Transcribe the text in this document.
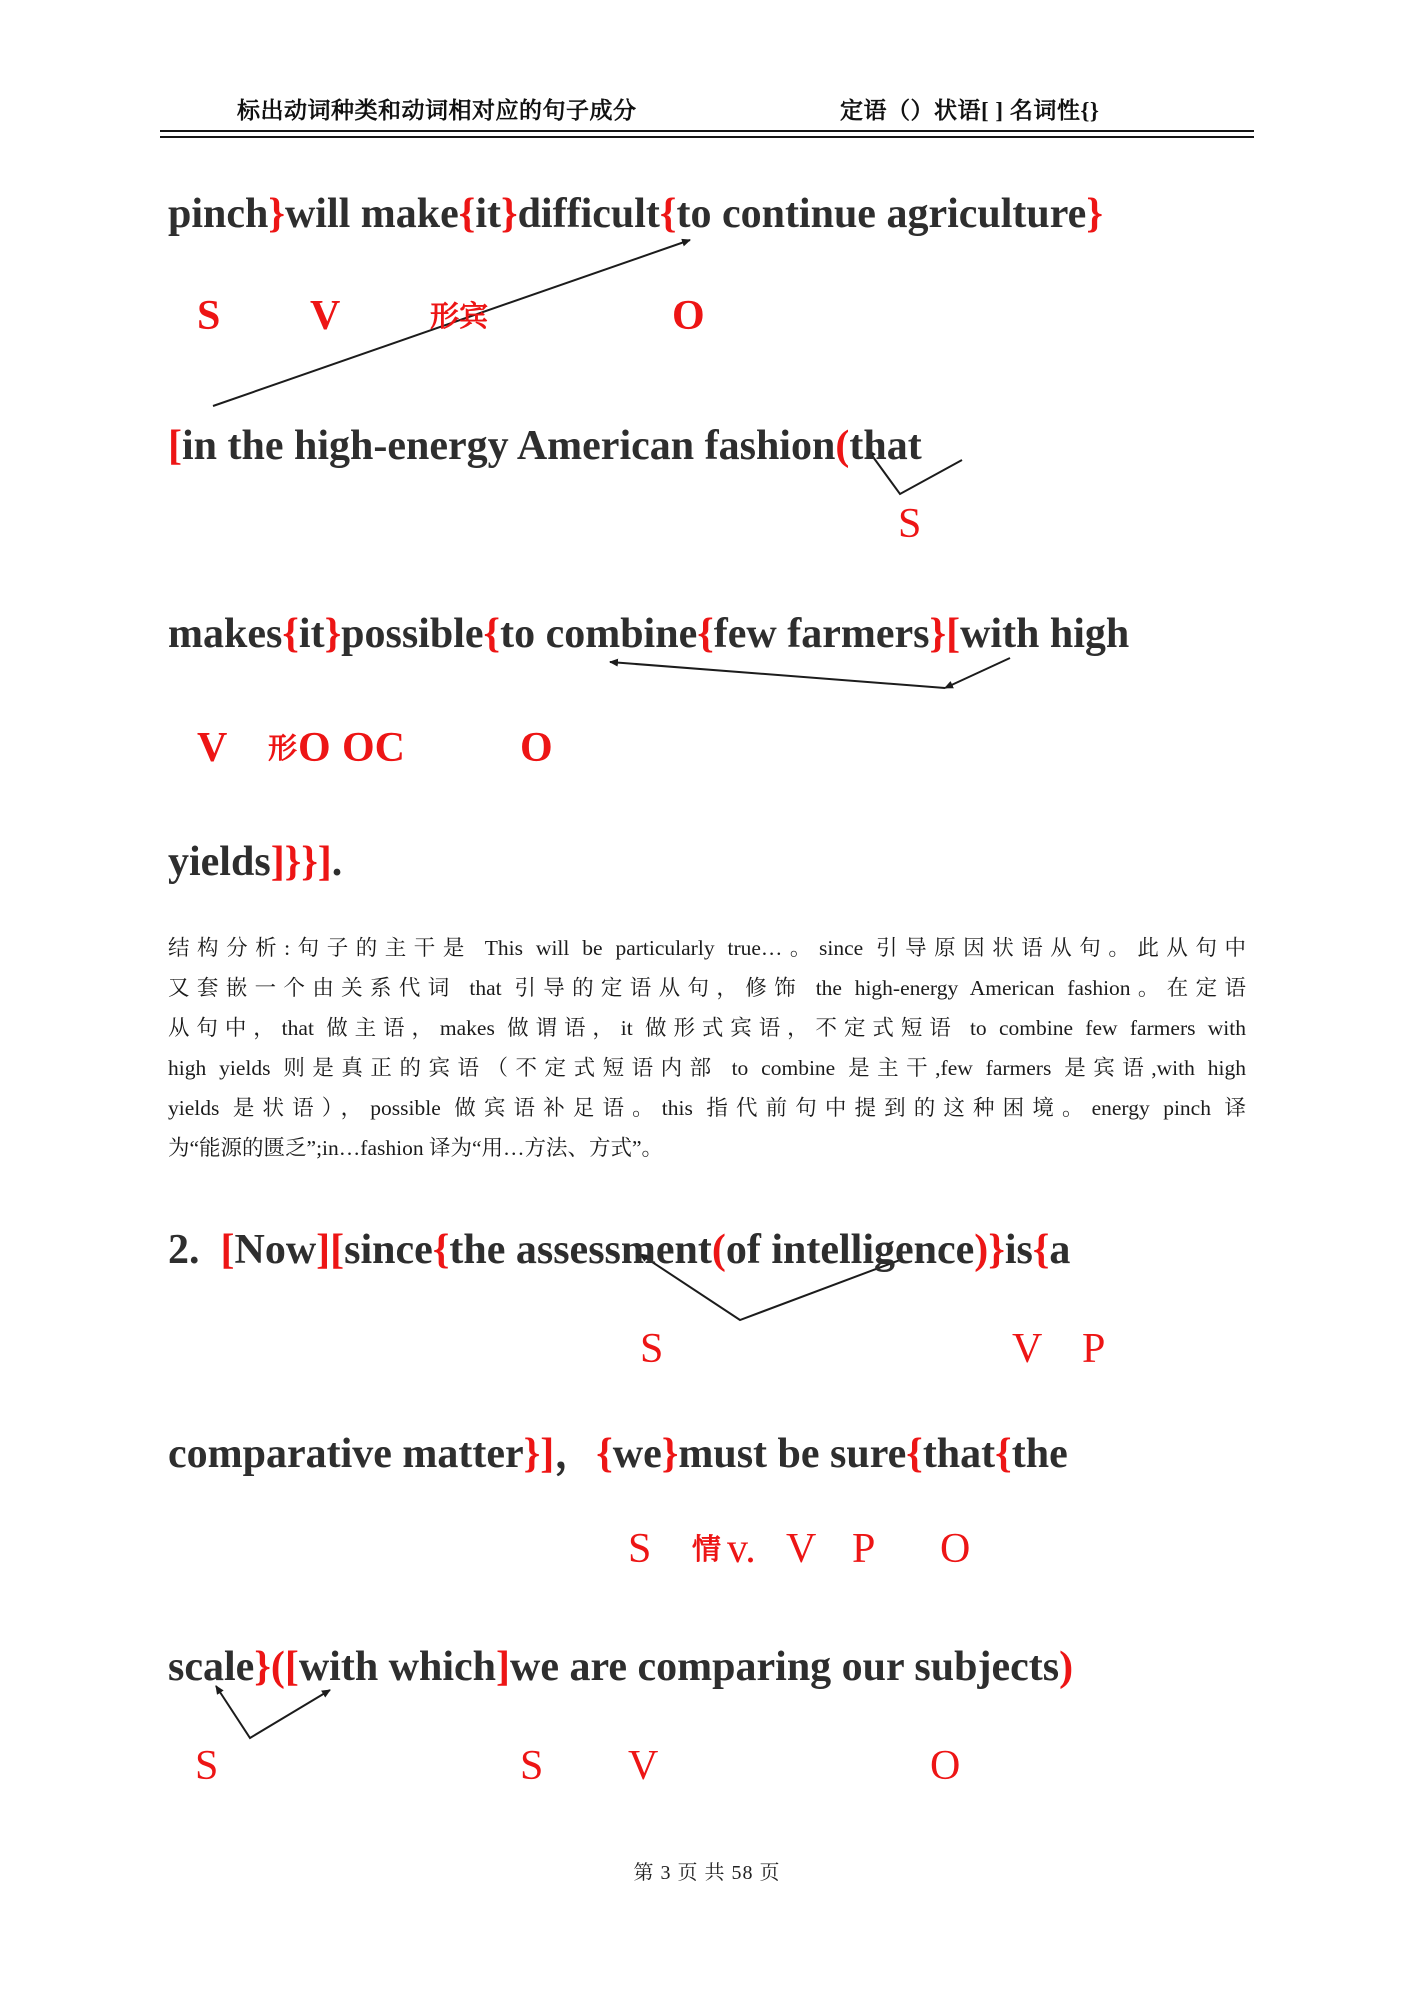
标出动词种类和动词相对应的句子成分	定语（）状语[ ] 名词性{}
pinch}will make{it}difficult{to continue agriculture}
[in the high-energy American fashion(that
makes{it}possible{to combine{few farmers}[with high
yields]}}].
2.  [Now][since{the assessment(of intelligence)}is{a
comparative matter}]，{we}must be sure{that{the
scale}([with which]we are comparing our subjects)
S V	形宾	O
S
V 形 O OC	O
S	V P
S 情 v. V P O
S	S V	O
结构分析:句子的主干是 This will be particularly true…。since 引导原因状语从句。此从句中
又套嵌一个由关系代词 that 引导的定语从句，修饰 the high-energy American fashion。在定语
从句中，that 做主语，makes 做谓语，it 做形式宾语，不定式短语 to combine few farmers with
high yields 则是真正的宾语（不定式短语内部 to combine 是主干,few farmers 是宾语,with high
yields 是状语），possible 做宾语补足语。this 指代前句中提到的这种困境。energy pinch 译
为“能源的匮乏”;in…fashion 译为“用…方法、方式”。
第 3 页 共 58 页
